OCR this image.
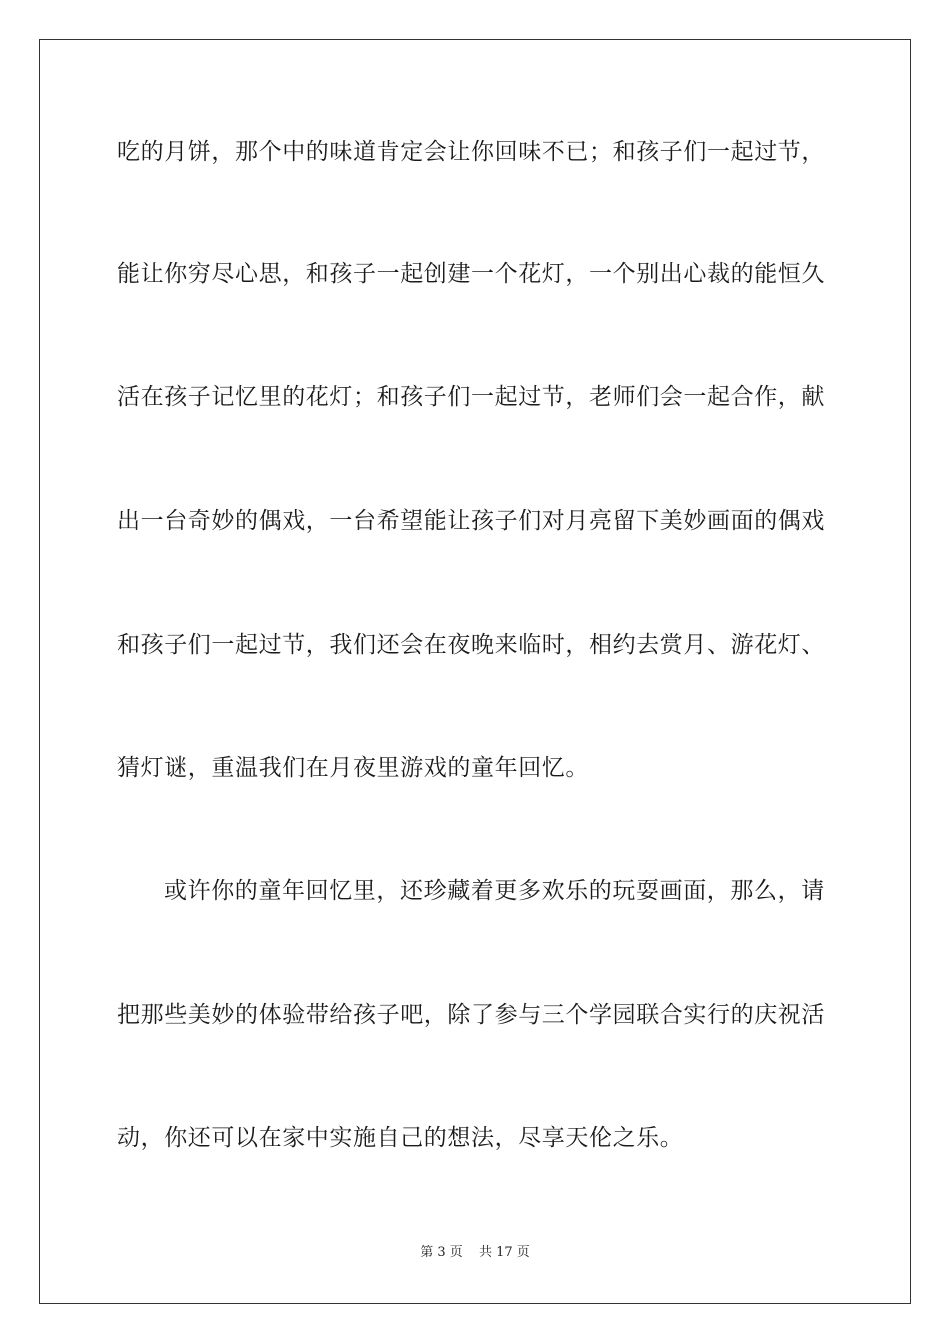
吃的月饼，那个中的味道肯定会让你回味不已；和孩子们一起过节，
能让你穷尽心思，和孩子一起创建一个花灯，一个别出心裁的能恒久
活在孩子记忆里的花灯；和孩子们一起过节，老师们会一起合作，献
出一台奇妙的偶戏，一台希望能让孩子们对月亮留下美妙画面的偶戏
和孩子们一起过节，我们还会在夜晚来临时，相约去赏月、游花灯、
猜灯谜，重温我们在月夜里游戏的童年回忆。
或许你的童年回忆里，还珍藏着更多欢乐的玩耍画面，那么，请
把那些美妙的体验带给孩子吧，除了参与三个学园联合实行的庆祝活
动，你还可以在家中实施自己的想法，尽享天伦之乐。
第 3 页 共 17 页
